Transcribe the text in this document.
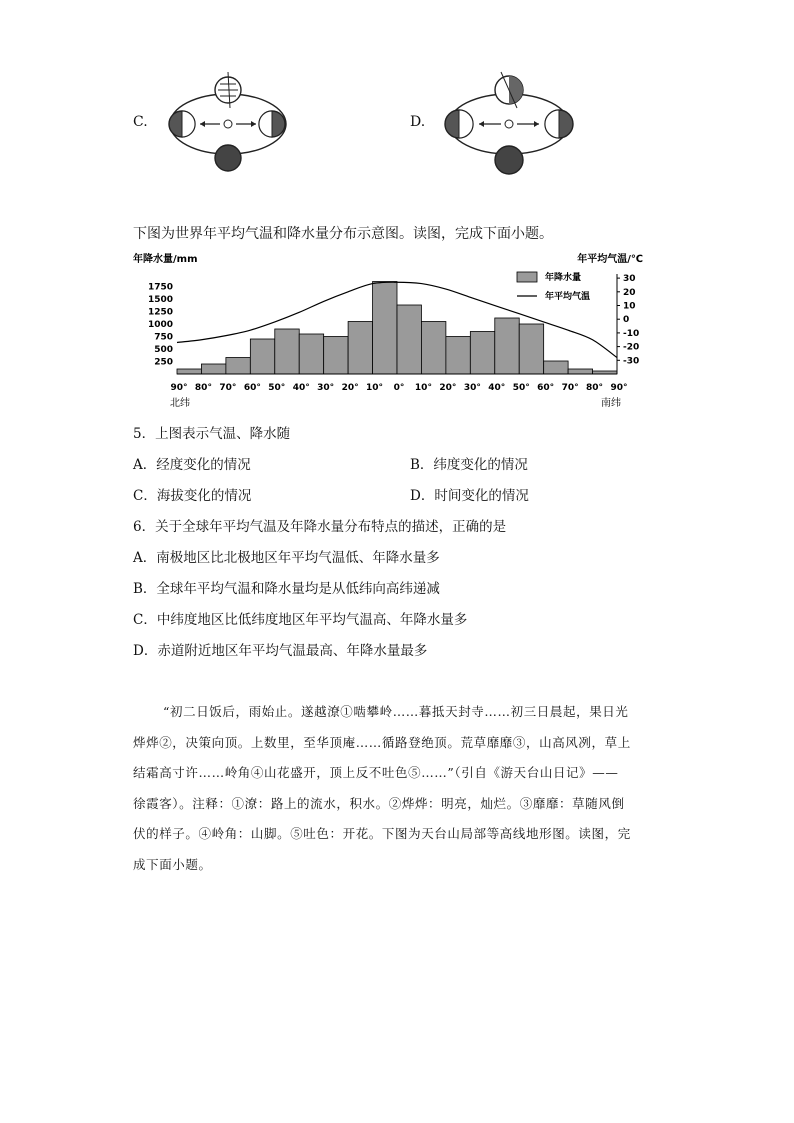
C.	D.
下图为世界年平均气温和降水量分布示意图。读图，完成下面小题。
年降水量/mm	年平均气温/℃
250
500
750
1000
1250
1500
1750
30
20
10
0
-10
-20
-30
90° 80° 70° 60° 50° 40° 30° 20° 10° 0° 10° 20° 30° 40° 50° 60° 70° 80° 90°
年降水量
年平均气温
北纬	南纬
5．上图表示气温、降水随
A．经度变化的情况	B．纬度变化的情况
C．海拔变化的情况	D．时间变化的情况
6．关于全球年平均气温及年降水量分布特点的描述，正确的是
A．南极地区比北极地区年平均气温低、年降水量多
B．全球年平均气温和降水量均是从低纬向高纬递减
C．中纬度地区比低纬度地区年平均气温高、年降水量多
D．赤道附近地区年平均气温最高、年降水量最多
“初二日饭后，雨始止。遂越潦①啮攀岭……暮抵天封寺……初三日晨起，果日光
烨烨②，决策向顶。上数里，至华顶庵……循路登绝顶。荒草靡靡③，山高风冽，草上
结霜高寸许……岭角④山花盛开，顶上反不吐色⑤……”（引自《游天台山日记》——
徐霞客）。注释：①潦：路上的流水，积水。②烨烨：明亮，灿烂。③靡靡：草随风倒
伏的样子。④岭角：山脚。⑤吐色：开花。下图为天台山局部等高线地形图。读图，完
成下面小题。
